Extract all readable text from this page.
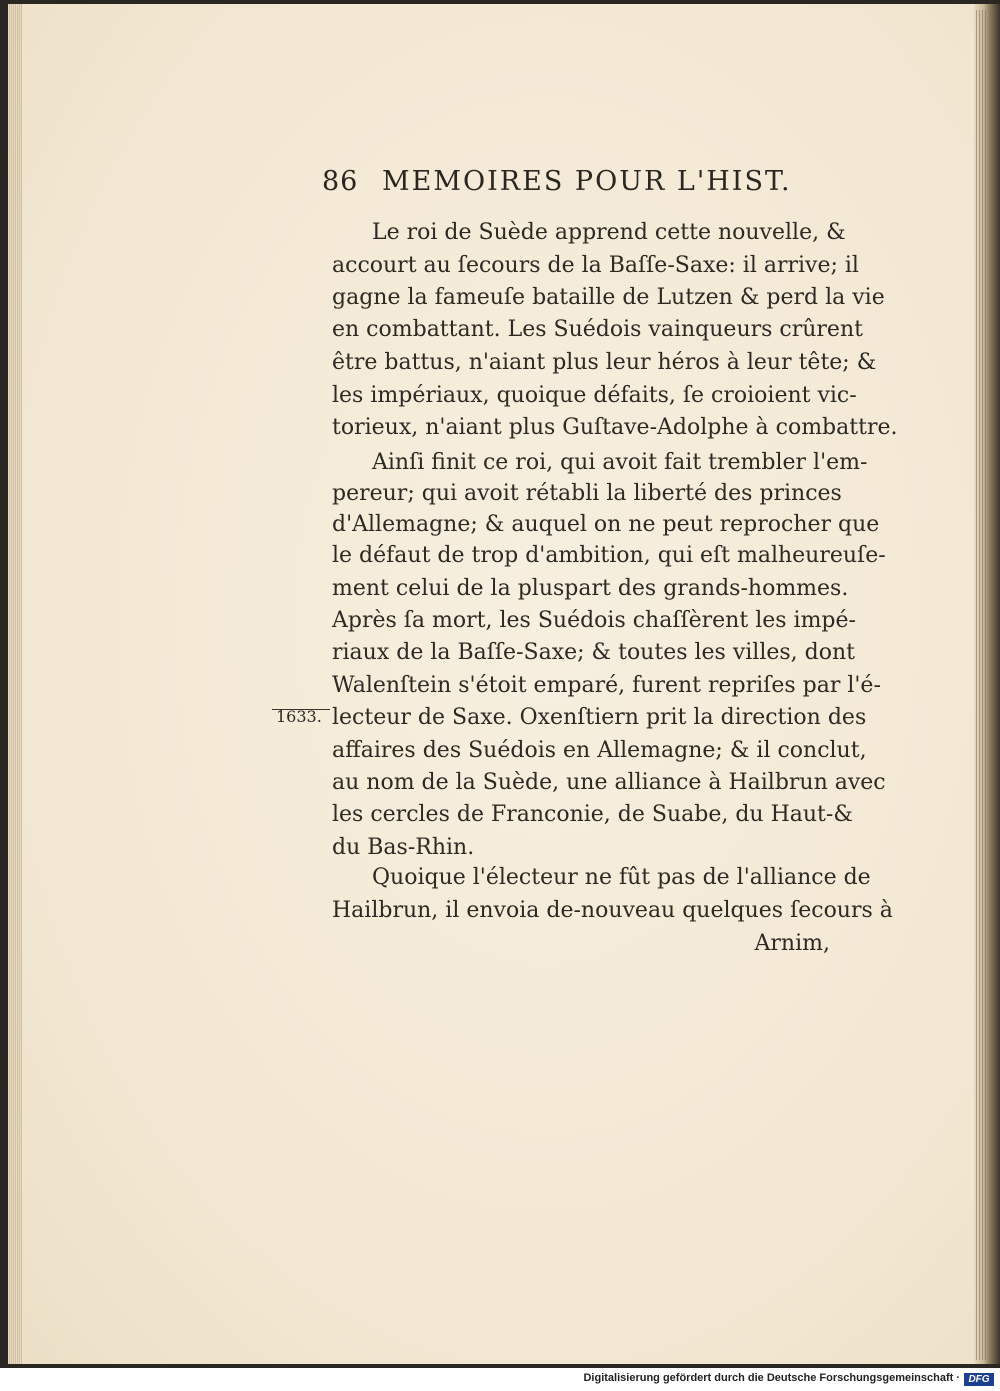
86 MEMOIRES POUR L'HIST.
Le roi de Suède apprend cette nouvelle, &
accourt au ſecours de la Baſſe-Saxe: il arrive; il
gagne la fameuſe bataille de Lutzen & perd la vie
en combattant. Les Suédois vainqueurs crûrent
être battus, n'aiant plus leur héros à leur tête; &
les impériaux, quoique défaits, ſe croioient vic-
torieux, n'aiant plus Guſtave-Adolphe à combattre.
Ainſi finit ce roi, qui avoit fait trembler l'em-
pereur; qui avoit rétabli la liberté des princes
d'Allemagne; & auquel on ne peut reprocher que
le défaut de trop d'ambition, qui eſt malheureuſe-
ment celui de la pluspart des grands-hommes.
Après ſa mort, les Suédois chaſſèrent les impé-
riaux de la Baſſe-Saxe; & toutes les villes, dont
Walenſtein s'étoit emparé, furent repriſes par l'é-
1633. lecteur de Saxe. Oxenſtiern prit la direction des
affaires des Suédois en Allemagne; & il conclut,
au nom de la Suède, une alliance à Hailbrun avec
les cercles de Franconie, de Suabe, du Haut-&
du Bas-Rhin.
Quoique l'électeur ne fût pas de l'alliance de
Hailbrun, il envoia de-nouveau quelques ſecours à
Arnim,
Digitalisierung gefördert durch die Deutsche Forschungsgemeinschaft · DFG
